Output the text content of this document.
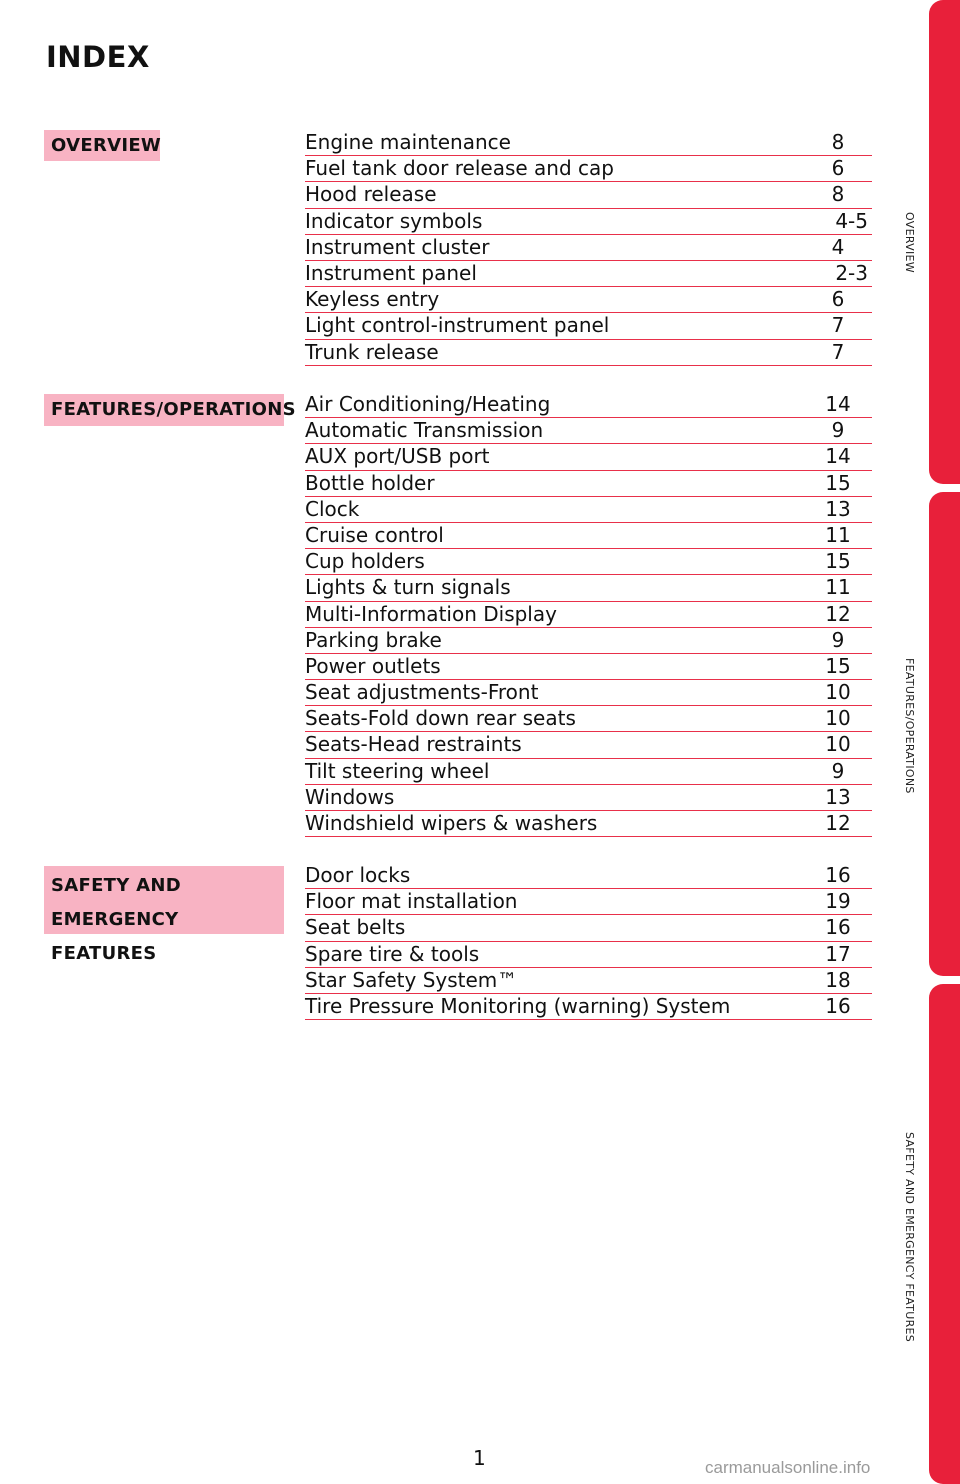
INDEX
OVERVIEW
FEATURES/OPERATIONS
SAFETY AND
EMERGENCY FEATURES
Engine maintenance	8
Fuel tank door release and cap	6
Hood release	8
Indicator symbols	4-5
Instrument cluster	4
Instrument panel	2-3
Keyless entry	6
Light control-instrument panel	7
Trunk release	7
Air Conditioning/Heating	14
Automatic Transmission	9
AUX port/USB port	14
Bottle holder	15
Clock	13
Cruise control	11
Cup holders	15
Lights & turn signals	11
Multi-Information Display	12
Parking brake	9
Power outlets	15
Seat adjustments-Front	10
Seats-Fold down rear seats	10
Seats-Head restraints	10
Tilt steering wheel	9
Windows	13
Windshield wipers & washers	12
Door locks	16
Floor mat installation	19
Seat belts	16
Spare tire & tools	17
Star Safety System™	18
Tire Pressure Monitoring (warning) System	16
OVERVIEW
FEATURES/OPERATIONS
SAFETY AND EMERGENCY FEATURES
1	carmanualsonline.info
